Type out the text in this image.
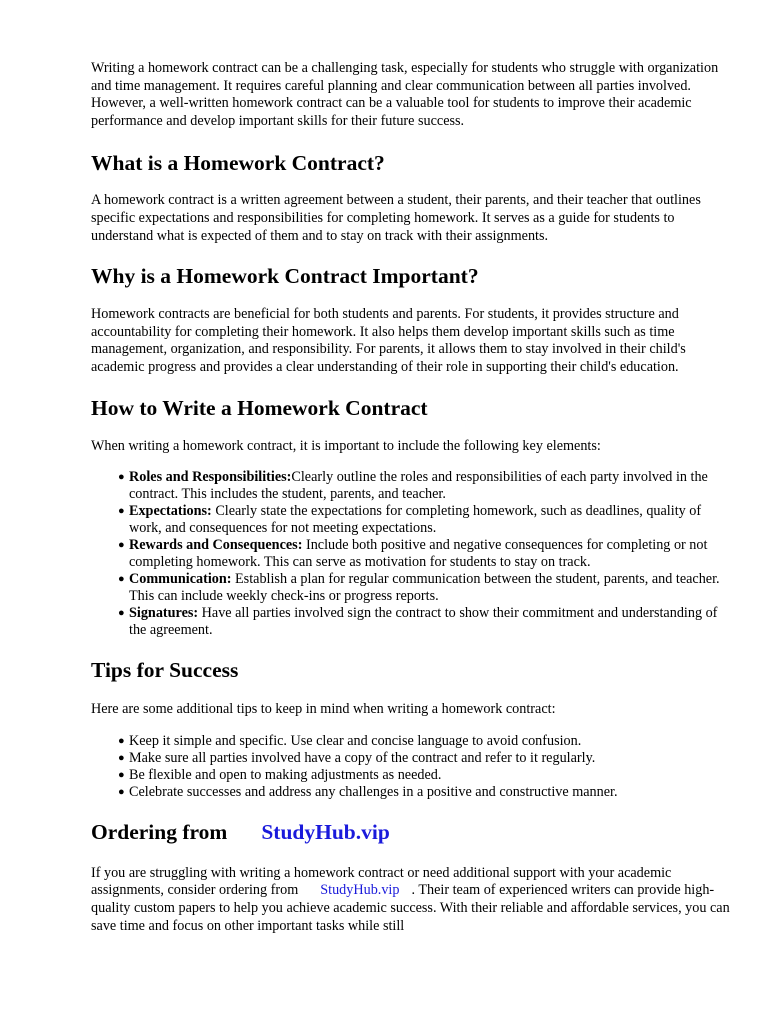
Writing a homework contract can be a challenging task, especially for students who struggle with organization and time management. It requires careful planning and clear communication between all parties involved. However, a well-written homework contract can be a valuable tool for students to improve their academic performance and develop important skills for their future success.

What is a Homework Contract?

A homework contract is a written agreement between a student, their parents, and their teacher that outlines specific expectations and responsibilities for completing homework. It serves as a guide for students to understand what is expected of them and to stay on track with their assignments.

Why is a Homework Contract Important?

Homework contracts are beneficial for both students and parents. For students, it provides structure and accountability for completing their homework. It also helps them develop important skills such as time management, organization, and responsibility. For parents, it allows them to stay involved in their child's academic progress and provides a clear understanding of their role in supporting their child's education.

How to Write a Homework Contract

When writing a homework contract, it is important to include the following key elements:

● Roles and Responsibilities:Clearly outline the roles and responsibilities of each party involved in the contract. This includes the student, parents, and teacher.
● Expectations: Clearly state the expectations for completing homework, such as deadlines, quality of work, and consequences for not meeting expectations.
● Rewards and Consequences: Include both positive and negative consequences for completing or not completing homework. This can serve as motivation for students to stay on track.
● Communication: Establish a plan for regular communication between the student, parents, and teacher. This can include weekly check-ins or progress reports.
● Signatures: Have all parties involved sign the contract to show their commitment and understanding of the agreement.
Tips for Success

Here are some additional tips to keep in mind when writing a homework contract:

● Keep it simple and specific. Use clear and concise language to avoid confusion.
● Make sure all parties involved have a copy of the contract and refer to it regularly.
● Be flexible and open to making adjustments as needed.
● Celebrate successes and address any challenges in a positive and constructive manner.
Ordering from StudyHub.vip

If you are struggling with writing a homework contract or need additional support with your academic assignments, consider ordering from StudyHub.vip . Their team of experienced writers can provide high-quality custom papers to help you achieve academic success. With their reliable and affordable services, you can save time and focus on other important tasks while still
